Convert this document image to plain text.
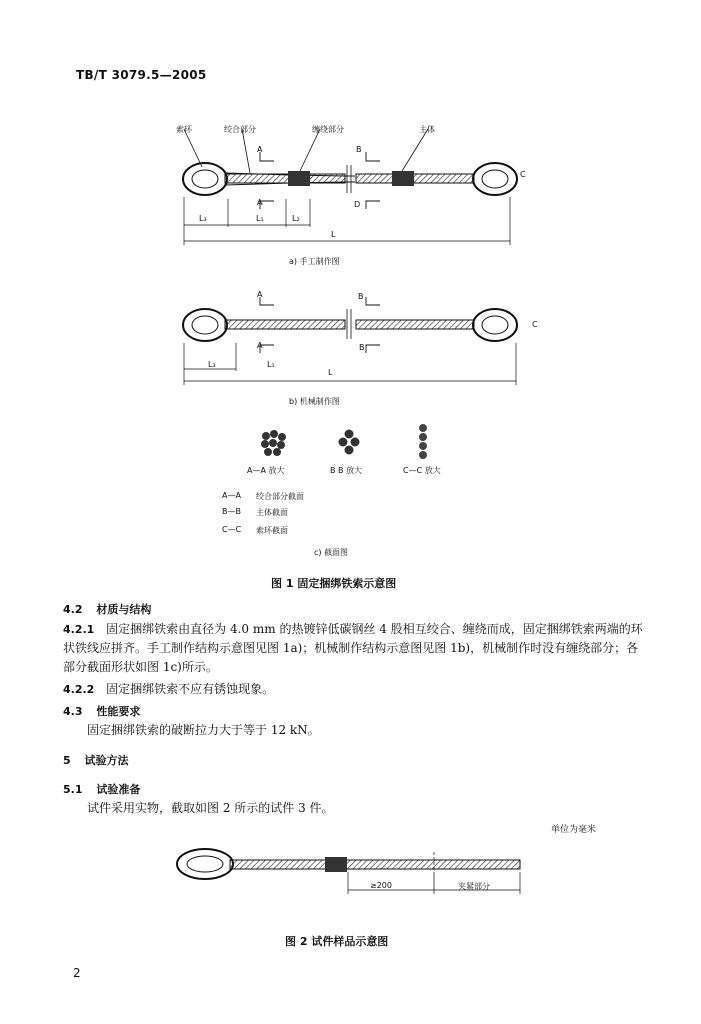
TB/T 3079.5—2005
索环	绞合部分	缠绕部分	主体
A	B
A	D
C
L₃	L₁	L₂
L
a) 手工制作图
A	B
A	B
C
L₃	L₁
L
b) 机械制作图
A—A 放大	B B 放大	C—C 放大
A—A 绞合部分截面
B—B 主体截面
C—C 索环截面
c) 截面图
图 1 固定捆绑铁索示意图
4.2 材质与结构
4.2.1 固定捆绑铁索由直径为 4.0 mm 的热镀锌低碳钢丝 4 股相互绞合、缠绕而成，固定捆绑铁索两端的环状铁线应拼齐。手工制作结构示意图见图 1a)；机械制作结构示意图见图 1b)，机械制作时没有缠绕部分；各部分截面形状如图 1c)所示。
4.2.2 固定捆绑铁索不应有锈蚀现象。
4.3 性能要求
固定捆绑铁索的破断拉力大于等于 12 kN。
5 试验方法
5.1 试验准备
试件采用实物，截取如图 2 所示的试件 3 件。
单位为毫米
≥200	夹紧部分
图 2 试件样品示意图
2
